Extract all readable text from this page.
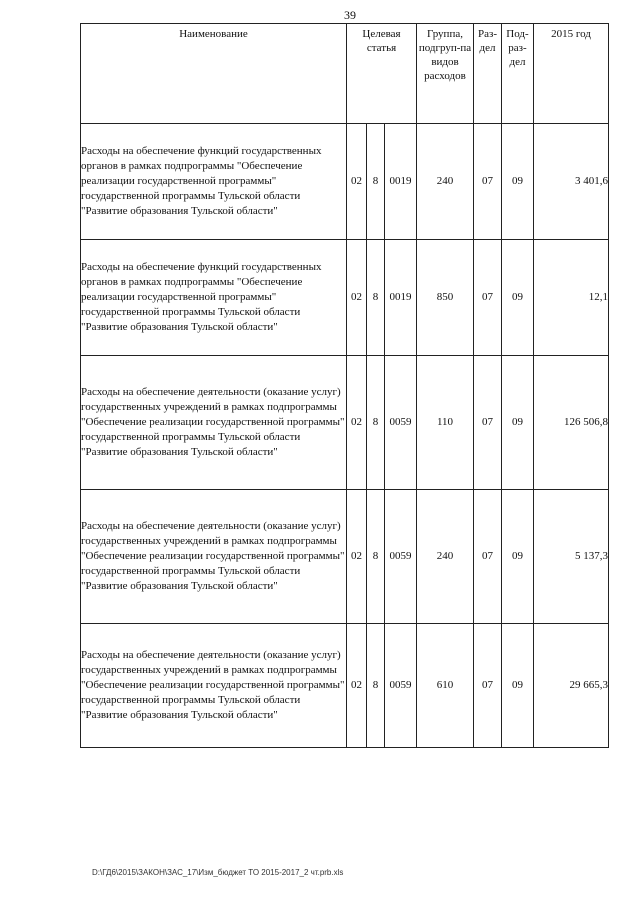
39
Наименование	Целевая статья			Группа, подгруп-па видов расходов	Раз-дел	Под-раз-дел	2015 год
Расходы на обеспечение функций государственных органов в рамках подпрограммы "Обеспечение реализации государственной программы" государственной программы Тульской области "Развитие образования Тульской области"	02	8	0019	240	07	09	3 401,6
Расходы на обеспечение функций государственных органов в рамках подпрограммы "Обеспечение реализации государственной программы" государственной программы Тульской области "Развитие образования Тульской области"	02	8	0019	850	07	09	12,1
Расходы на обеспечение деятельности (оказание услуг) государственных учреждений в рамках подпрограммы "Обеспечение реализации государственной программы" государственной программы Тульской области "Развитие образования Тульской области"	02	8	0059	110	07	09	126 506,8
Расходы на обеспечение деятельности (оказание услуг) государственных учреждений в рамках подпрограммы "Обеспечение реализации государственной программы" государственной программы Тульской области "Развитие образования Тульской области"	02	8	0059	240	07	09	5 137,3
Расходы на обеспечение деятельности (оказание услуг) государственных учреждений в рамках подпрограммы "Обеспечение реализации государственной программы" государственной программы Тульской области "Развитие образования Тульской области"	02	8	0059	610	07	09	29 665,3
D:\ГД6\2015\ЗАКОН\ЗАС_17\Изм_бюджет ТО 2015-2017_2 чт.prb.xls
